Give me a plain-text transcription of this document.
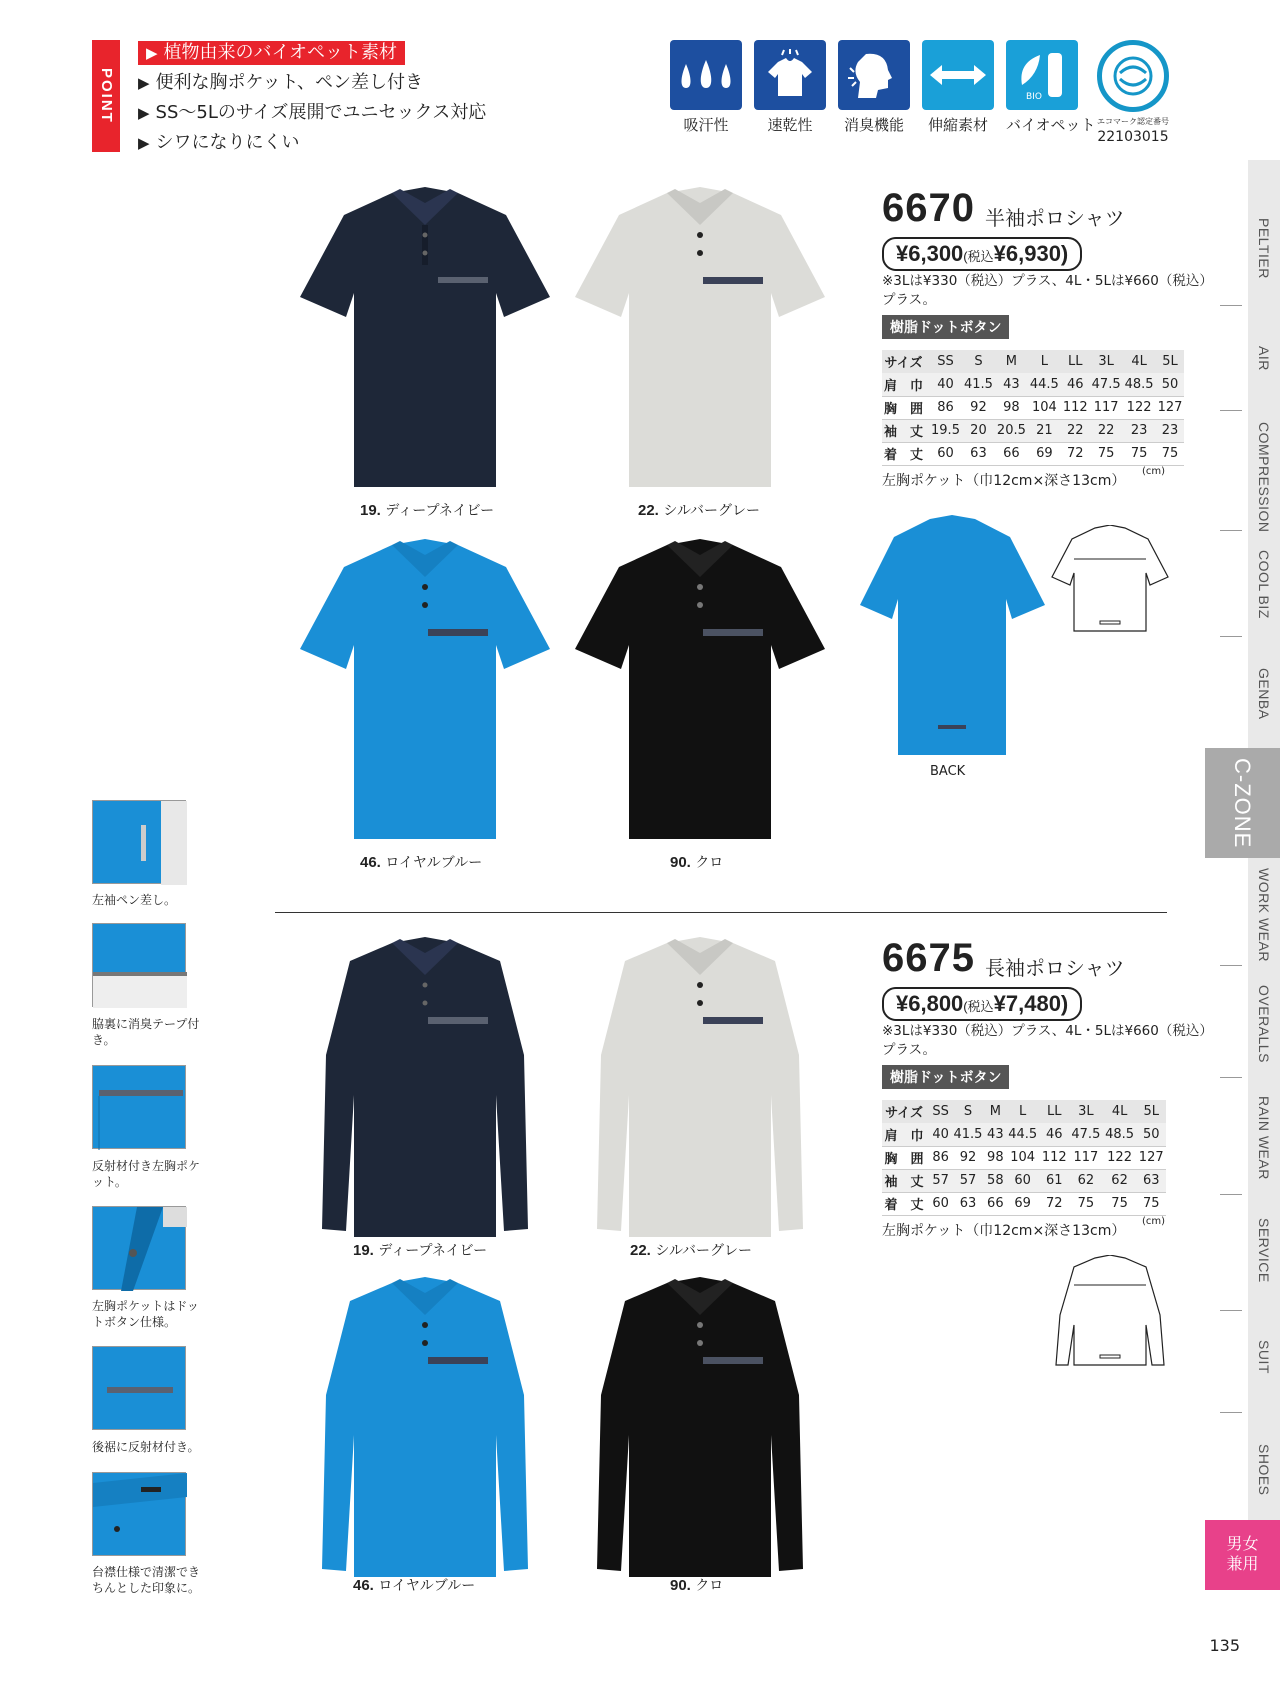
POINT
▶ 植物由来のバイオペット素材
▶ 便利な胸ポケット、ペン差し付き
▶ SS〜5Lのサイズ展開でユニセックス対応
▶ シワになりにくい
吸汗性	速乾性	消臭機能	伸縮素材
BIO
バイオペット エコマーク認定番号
22103015
PELTIER
AIR
COMPRESSION
COOL BIZ
GENBA
C-ZONE
WORK WEAR
OVERALLS
RAIN WEAR
SERVICE
SUIT
SHOES
男女
兼用
19. ディープネイビー	22. シルバーグレー
46. ロイヤルブルー	90. クロ
6670 半袖ポロシャツ
¥6,300(税込¥6,930)
※3Lは¥330（税込）プラス、4L・5Lは¥660（税込）プラス。
樹脂ドットボタン
サイズ	SS	S	M	L	LL	3L	4L	5L
肩　巾	40	41.5	43	44.5	46	47.5	48.5	50
胸　囲	86	92	98	104	112	117	122	127
袖　丈	19.5	20	20.5	21	22	22	23	23
着　丈	60	63	66	69	72	75	75	75
左胸ポケット（巾12cm×深さ13cm）
(cm)
BACK
19. ディープネイビー	22. シルバーグレー
46. ロイヤルブルー	90. クロ
6675 長袖ポロシャツ
¥6,800(税込¥7,480)
※3Lは¥330（税込）プラス、4L・5Lは¥660（税込）プラス。
樹脂ドットボタン
サイズ	SS	S	M	L	LL	3L	4L	5L
肩　巾	40	41.5	43	44.5	46	47.5	48.5	50
胸　囲	86	92	98	104	112	117	122	127
袖　丈	57	57	58	60	61	62	62	63
着　丈	60	63	66	69	72	75	75	75
左胸ポケット（巾12cm×深さ13cm）
(cm)
左袖ペン差し。
脇裏に消臭テープ付き。
反射材付き左胸ポケット。
左胸ポケットはドットボタン仕様。
後裾に反射材付き。
台襟仕様で清潔できちんとした印象に。
135
